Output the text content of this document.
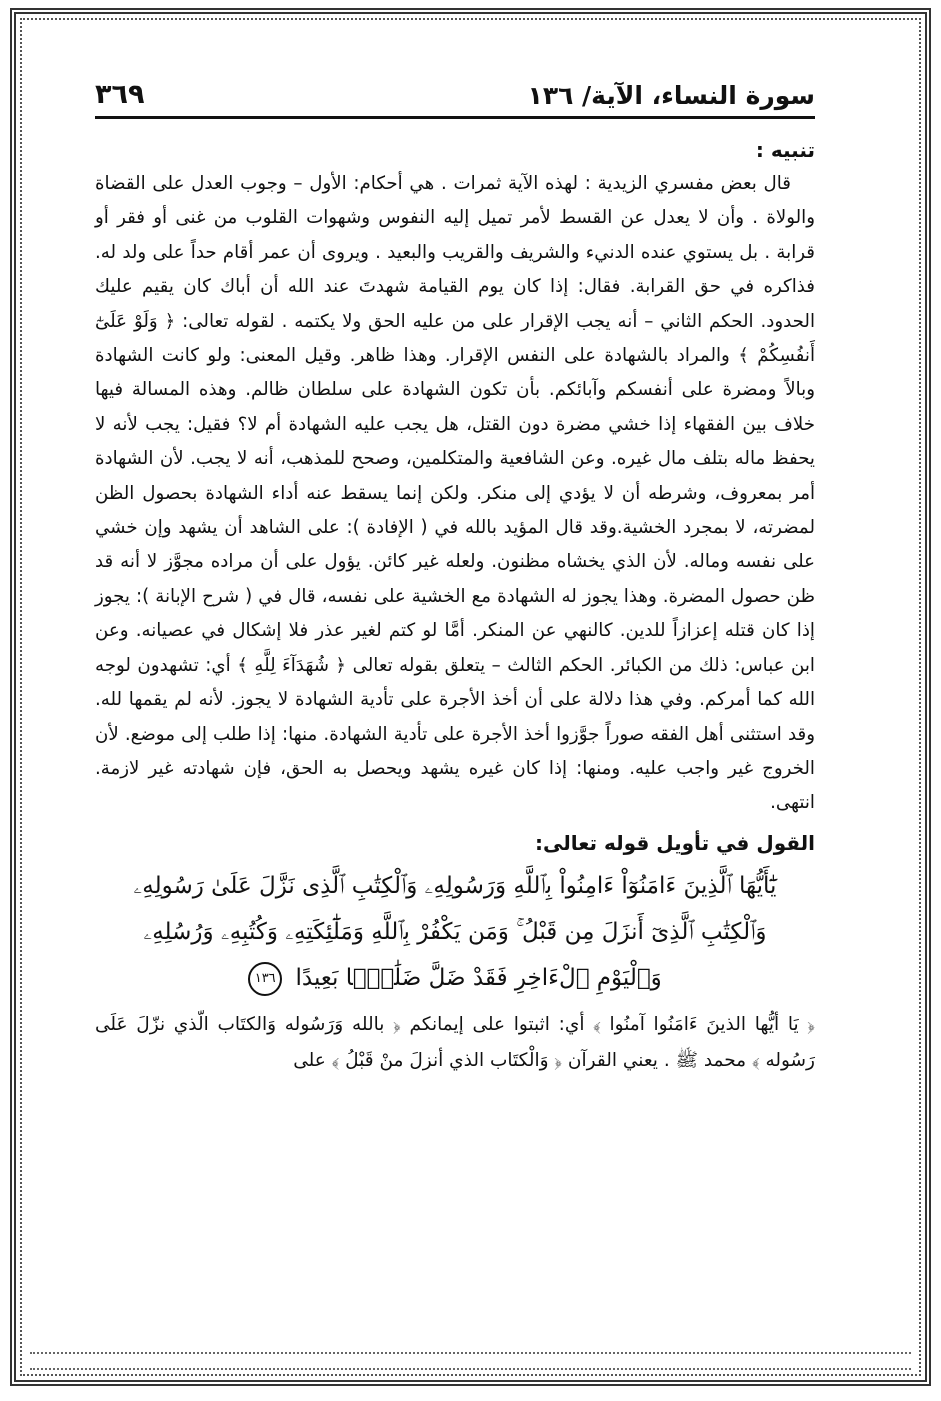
سورة النساء، الآية/ ١٣٦
٣٦٩

تنبيه :

قال بعض مفسري الزيدية : لهذه الآية ثمرات . هي أحكام: الأول – وجوب العدل على القضاة والولاة . وأن لا يعدل عن القسط لأمر تميل إليه النفوس وشهوات القلوب من غنى أو فقر أو قرابة . بل يستوي عنده الدنيء والشريف والقريب والبعيد . ويروى أن عمر أقام حداً على ولد له. فذاكره في حق القرابة. فقال: إذا كان يوم القيامة شهدتَ عند الله أن أباك كان يقيم عليك الحدود. الحكم الثاني – أنه يجب الإقرار على من عليه الحق ولا يكتمه . لقوله تعالى: ﴿ وَلَوْ عَلَىٰٓ أَنفُسِكُمْ ﴾ والمراد بالشهادة على النفس الإقرار. وهذا ظاهر. وقيل المعنى: ولو كانت الشهادة وبالاً ومضرة على أنفسكم وآبائكم. بأن تكون الشهادة على سلطان ظالم. وهذه المسالة فيها خلاف بين الفقهاء إذا خشي مضرة دون القتل، هل يجب عليه الشهادة أم لا؟ فقيل: يجب لأنه لا يحفظ ماله بتلف مال غيره. وعن الشافعية والمتكلمين، وصحح للمذهب، أنه لا يجب. لأن الشهادة أمر بمعروف، وشرطه أن لا يؤدي إلى منكر. ولكن إنما يسقط عنه أداء الشهادة بحصول الظن لمضرته، لا بمجرد الخشية.وقد قال المؤيد بالله في ( الإفادة ): على الشاهد أن يشهد وإن خشي على نفسه وماله. لأن الذي يخشاه مظنون. ولعله غير كائن. يؤول على أن مراده مجوَّز لا أنه قد ظن حصول المضرة. وهذا يجوز له الشهادة مع الخشية على نفسه، قال في ( شرح الإبانة ): يجوز إذا كان قتله إعزازاً للدين. كالنهي عن المنكر. أمَّا لو كتم لغير عذر فلا إشكال في عصيانه. وعن ابن عباس: ذلك من الكبائر. الحكم الثالث – يتعلق بقوله تعالى ﴿ شُهَدَآءَ لِلَّهِ ﴾ أي: تشهدون لوجه الله كما أمركم. وفي هذا دلالة على أن أخذ الأجرة على تأدية الشهادة لا يجوز. لأنه لم يقمها لله. وقد استثنى أهل الفقه صوراً جوَّزوا أخذ الأجرة على تأدية الشهادة. منها: إذا طلب إلى موضع. لأن الخروج غير واجب عليه. ومنها: إذا كان غيره يشهد ويحصل به الحق، فإن شهادته غير لازمة. انتهى.

القول في تأويل قوله تعالى:

يَٰٓأَيُّهَا ٱلَّذِينَ ءَامَنُوٓاْ ءَامِنُواْ بِٱللَّهِ وَرَسُولِهِۦ وَٱلْكِتَٰبِ ٱلَّذِى نَزَّلَ عَلَىٰ رَسُولِهِۦ
وَٱلْكِتَٰبِ ٱلَّذِىٓ أَنزَلَ مِن قَبْلُ ۚ وَمَن يَكْفُرْ بِٱللَّهِ وَمَلَٰٓئِكَتِهِۦ وَكُتُبِهِۦ وَرُسُلِهِۦ
وَٱلْيَوْمِ ٱلْءَاخِرِ فَقَدْ ضَلَّ ضَلَٰلًۢا بَعِيدًا ١٣٦

﴿ يَا أيُّها الذينَ ءَامَنُوا آمنُوا ﴾ أي: اثبتوا على إيمانكم ﴿ بالله وَرَسُوله وَالكتَاب الّذي نزّلَ عَلَى رَسُوله ﴾ محمد ﷺ . يعني القرآن ﴿ وَالْكتَاب الذي أنزلَ منْ قَبْلُ ﴾ على
